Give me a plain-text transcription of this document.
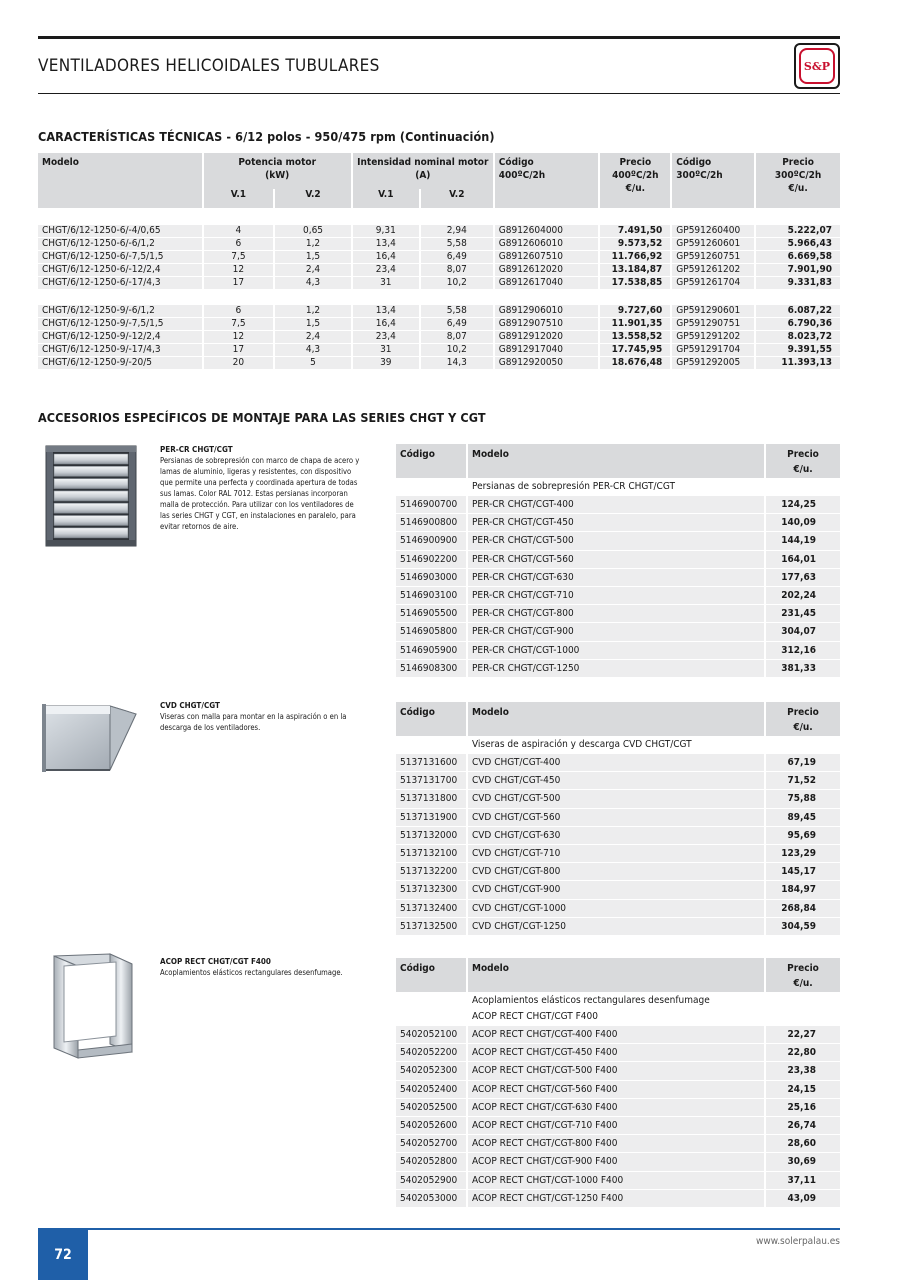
VENTILADORES HELICOIDALES TUBULARES	S&P
CARACTERÍSTICAS TÉCNICAS - 6/12 polos - 950/475 rpm (Continuación)
Modelo	Potencia motor
(kW)		Intensidad nominal motor
(A)		Código
400ºC/2h	Precio
400ºC/2h
€/u.	Código
300ºC/2h	Precio
300ºC/2h
€/u.
	V.1	V.2	V.1	V.2				

CHGT/6/12-1250-6/-4/0,65	4	0,65	9,31	2,94	G8912604000	7.491,50	GP591260400	5.222,07
CHGT/6/12-1250-6/-6/1,2	6	1,2	13,4	5,58	G8912606010	9.573,52	GP591260601	5.966,43
CHGT/6/12-1250-6/-7,5/1,5	7,5	1,5	16,4	6,49	G8912607510	11.766,92	GP591260751	6.669,58
CHGT/6/12-1250-6/-12/2,4	12	2,4	23,4	8,07	G8912612020	13.184,87	GP591261202	7.901,90
CHGT/6/12-1250-6/-17/4,3	17	4,3	31	10,2	G8912617040	17.538,85	GP591261704	9.331,83

CHGT/6/12-1250-9/-6/1,2	6	1,2	13,4	5,58	G8912906010	9.727,60	GP591290601	6.087,22
CHGT/6/12-1250-9/-7,5/1,5	7,5	1,5	16,4	6,49	G8912907510	11.901,35	GP591290751	6.790,36
CHGT/6/12-1250-9/-12/2,4	12	2,4	23,4	8,07	G8912912020	13.558,52	GP591291202	8.023,72
CHGT/6/12-1250-9/-17/4,3	17	4,3	31	10,2	G8912917040	17.745,95	GP591291704	9.391,55
CHGT/6/12-1250-9/-20/5	20	5	39	14,3	G8912920050	18.676,48	GP591292005	11.393,13
ACCESORIOS ESPECÍFICOS DE MONTAJE PARA LAS SERIES CHGT Y CGT
PER-CR CHGT/CGT
Persianas de sobrepresión con marco de chapa de acero y lamas de aluminio, ligeras y resistentes, con dispositivo que permite una perfecta y coordinada apertura de todas sus lamas. Color RAL 7012. Estas persianas incorporan malla de protección. Para utilizar con los ventiladores de las series CHGT y CGT, en instalaciones en paralelo, para evitar retornos de aire.
Código	Modelo	Precio
€/u.
	Persianas de sobrepresión PER-CR CHGT/CGT	
5146900700	PER-CR CHGT/CGT-400	124,25
5146900800	PER-CR CHGT/CGT-450	140,09
5146900900	PER-CR CHGT/CGT-500	144,19
5146902200	PER-CR CHGT/CGT-560	164,01
5146903000	PER-CR CHGT/CGT-630	177,63
5146903100	PER-CR CHGT/CGT-710	202,24
5146905500	PER-CR CHGT/CGT-800	231,45
5146905800	PER-CR CHGT/CGT-900	304,07
5146905900	PER-CR CHGT/CGT-1000	312,16
5146908300	PER-CR CHGT/CGT-1250	381,33
CVD CHGT/CGT
Viseras con malla para montar en la aspiración o en la descarga de los ventiladores.
Código	Modelo	Precio
€/u.
	Viseras de aspiración y descarga CVD CHGT/CGT	
5137131600	CVD CHGT/CGT-400	67,19
5137131700	CVD CHGT/CGT-450	71,52
5137131800	CVD CHGT/CGT-500	75,88
5137131900	CVD CHGT/CGT-560	89,45
5137132000	CVD CHGT/CGT-630	95,69
5137132100	CVD CHGT/CGT-710	123,29
5137132200	CVD CHGT/CGT-800	145,17
5137132300	CVD CHGT/CGT-900	184,97
5137132400	CVD CHGT/CGT-1000	268,84
5137132500	CVD CHGT/CGT-1250	304,59
ACOP RECT CHGT/CGT F400
Acoplamientos elásticos rectangulares desenfumage.	Código	Modelo	Precio
€/u.
	Acoplamientos elásticos rectangulares desenfumage
ACOP RECT CHGT/CGT F400	
5402052100	ACOP RECT CHGT/CGT-400 F400	22,27
5402052200	ACOP RECT CHGT/CGT-450 F400	22,80
5402052300	ACOP RECT CHGT/CGT-500 F400	23,38
5402052400	ACOP RECT CHGT/CGT-560 F400	24,15
5402052500	ACOP RECT CHGT/CGT-630 F400	25,16
5402052600	ACOP RECT CHGT/CGT-710 F400	26,74
5402052700	ACOP RECT CHGT/CGT-800 F400	28,60
5402052800	ACOP RECT CHGT/CGT-900 F400	30,69
5402052900	ACOP RECT CHGT/CGT-1000 F400	37,11
5402053000	ACOP RECT CHGT/CGT-1250 F400	43,09
72
www.solerpalau.es
